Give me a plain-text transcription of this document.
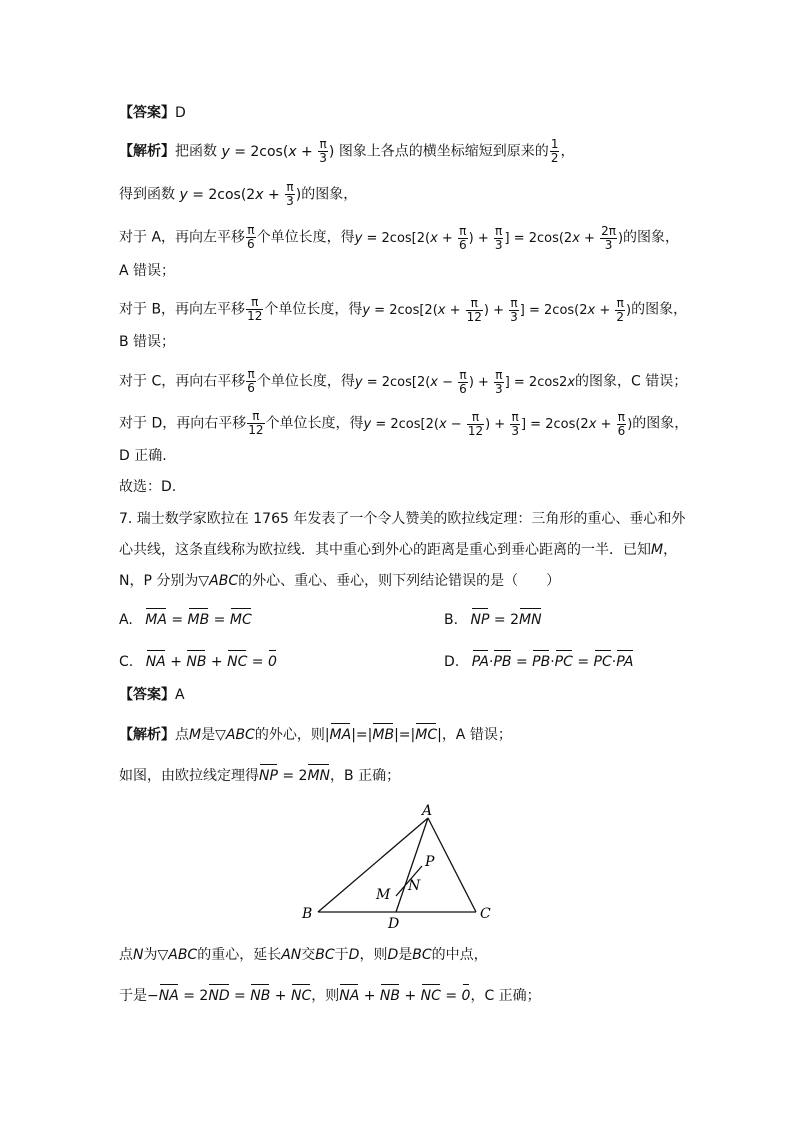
【答案】D
【解析】把函数 $y = 2\cos(x + \frac{\pi}{3}$ ) 图象上各点的横坐标缩短到原来的 $\frac{1}{2}$ ，
得到函数 $y = 2\cos(2x + \frac{\pi}{3}$ )的图象，
对于 A，再向左平移 $\frac{\pi}{6}$ 个单位长度，得$y = 2\cos[2(x + \frac{\pi}{6}$ ) + $\frac{\pi}{3}$ ] = $2\cos(2x + \frac{2\pi}{3}$ )的图象，
A 错误；
对于 B，再向左平移 $\frac{\pi}{12}$ 个单位长度，得$y = 2\cos[2(x + \frac{\pi}{12}$ ) + $\frac{\pi}{3}$ ] = $2\cos(2x + \frac{\pi}{2}$ )的图象，
B 错误；
对于 C，再向右平移 $\frac{\pi}{6}$ 个单位长度，得$y = 2\cos[2(x - \frac{\pi}{6}$ ) + $\frac{\pi}{3}$ ] = 2cos2x的图象，C 错误；
对于 D，再向右平移 $\frac{\pi}{12}$ 个单位长度，得$y = 2\cos[2(x - \frac{\pi}{12}$ ) + $\frac{\pi}{3}$ ] = $2\cos(2x + \frac{\pi}{6}$ )的图象，
D 正确.
故选：D.
7. 瑞士数学家欧拉在 1765 年发表了一个令人赞美的欧拉线定理：三角形的重心、垂心和外
心共线，这条直线称为欧拉线．其中重心到外心的距离是重心到垂心距离的一半．已知M，
N，P 分别为▽ABC的外心、重心、垂心，则下列结论错误的是（　　）
A. MA = MB = MC	B. NP = 2MN
C. NA + NB + NC = 0	D. PA·PB = PB·PC = PC·PA
【答案】A
【解析】点M是▽ABC的外心，则|MA|=|MB|=|MC|，A 错误；
如图，由欧拉线定理得NP = 2MN，B 正确；
A
B	C
D
M
N
P
点N为▽ABC的重心，延长AN交BC于D，则D是BC的中点，
于是−NA = 2ND = NB + NC，则NA + NB + NC = 0，C 正确；
